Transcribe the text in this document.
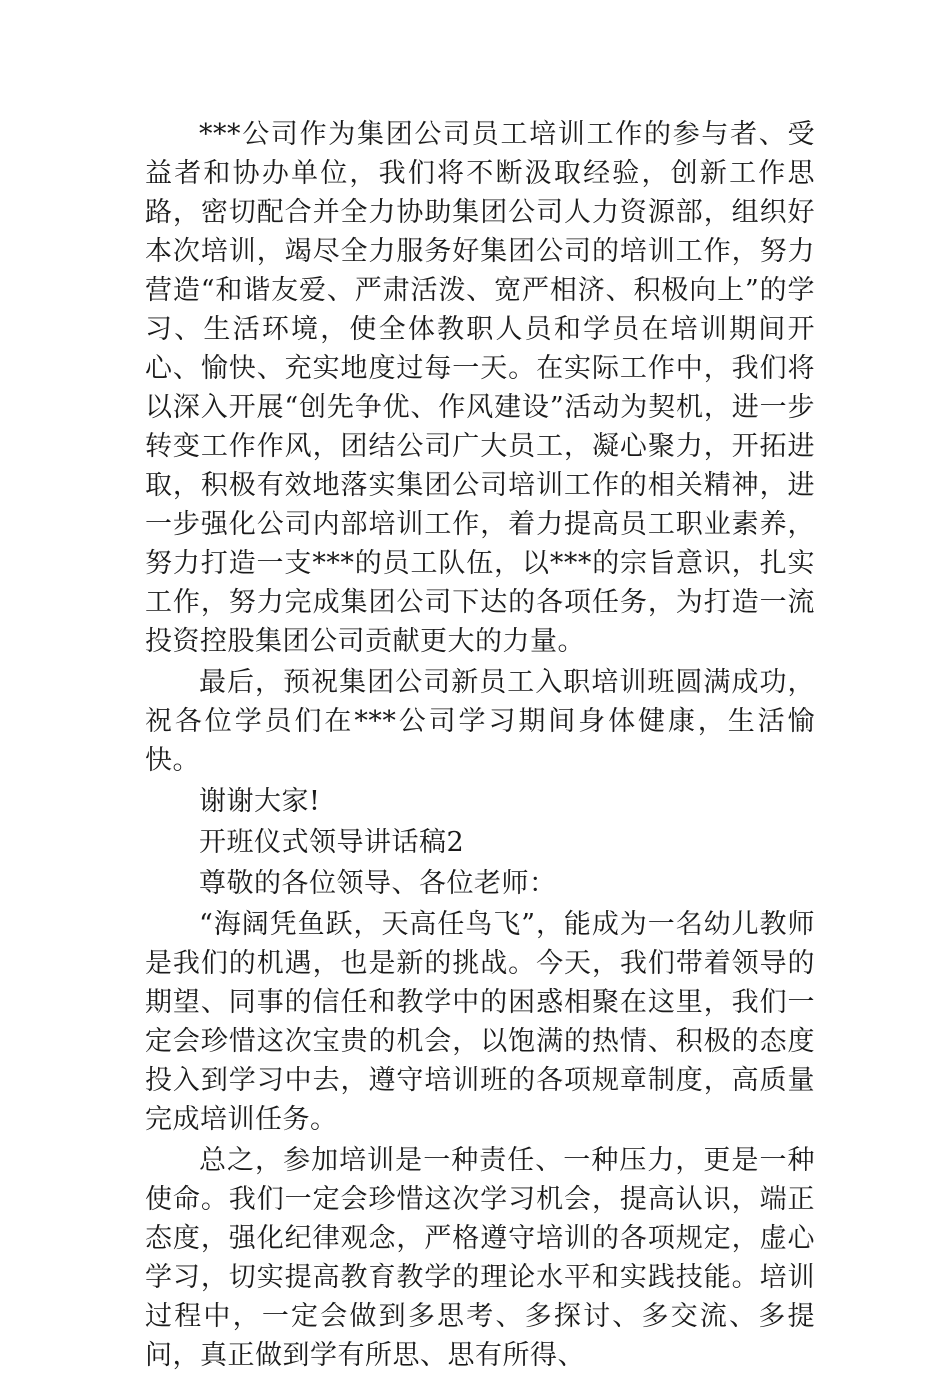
***公司作为集团公司员工培训工作的参与者、受益者和协办单位，我们将不断汲取经验，创新工作思路，密切配合并全力协助集团公司人力资源部，组织好本次培训，竭尽全力服务好集团公司的培训工作，努力营造“和谐友爱、严肃活泼、宽严相济、积极向上”的学习、生活环境，使全体教职人员和学员在培训期间开心、愉快、充实地度过每一天。在实际工作中，我们将以深入开展“创先争优、作风建设”活动为契机，进一步转变工作作风，团结公司广大员工，凝心聚力，开拓进取，积极有效地落实集团公司培训工作的相关精神，进一步强化公司内部培训工作，着力提高员工职业素养，努力打造一支***的员工队伍，以***的宗旨意识，扎实工作，努力完成集团公司下达的各项任务，为打造一流投资控股集团公司贡献更大的力量。

最后，预祝集团公司新员工入职培训班圆满成功，祝各位学员们在***公司学习期间身体健康，生活愉快。

谢谢大家!

开班仪式领导讲话稿2

尊敬的各位领导、各位老师：

“海阔凭鱼跃，天高任鸟飞”，能成为一名幼儿教师是我们的机遇，也是新的挑战。今天，我们带着领导的期望、同事的信任和教学中的困惑相聚在这里，我们一定会珍惜这次宝贵的机会，以饱满的热情、积极的态度投入到学习中去，遵守培训班的各项规章制度，高质量完成培训任务。

总之，参加培训是一种责任、一种压力，更是一种使命。我们一定会珍惜这次学习机会，提高认识，端正态度，强化纪律观念，严格遵守培训的各项规定，虚心学习，切实提高教育教学的理论水平和实践技能。培训过程中，一定会做到多思考、多探讨、多交流、多提问，真正做到学有所思、思有所得、
